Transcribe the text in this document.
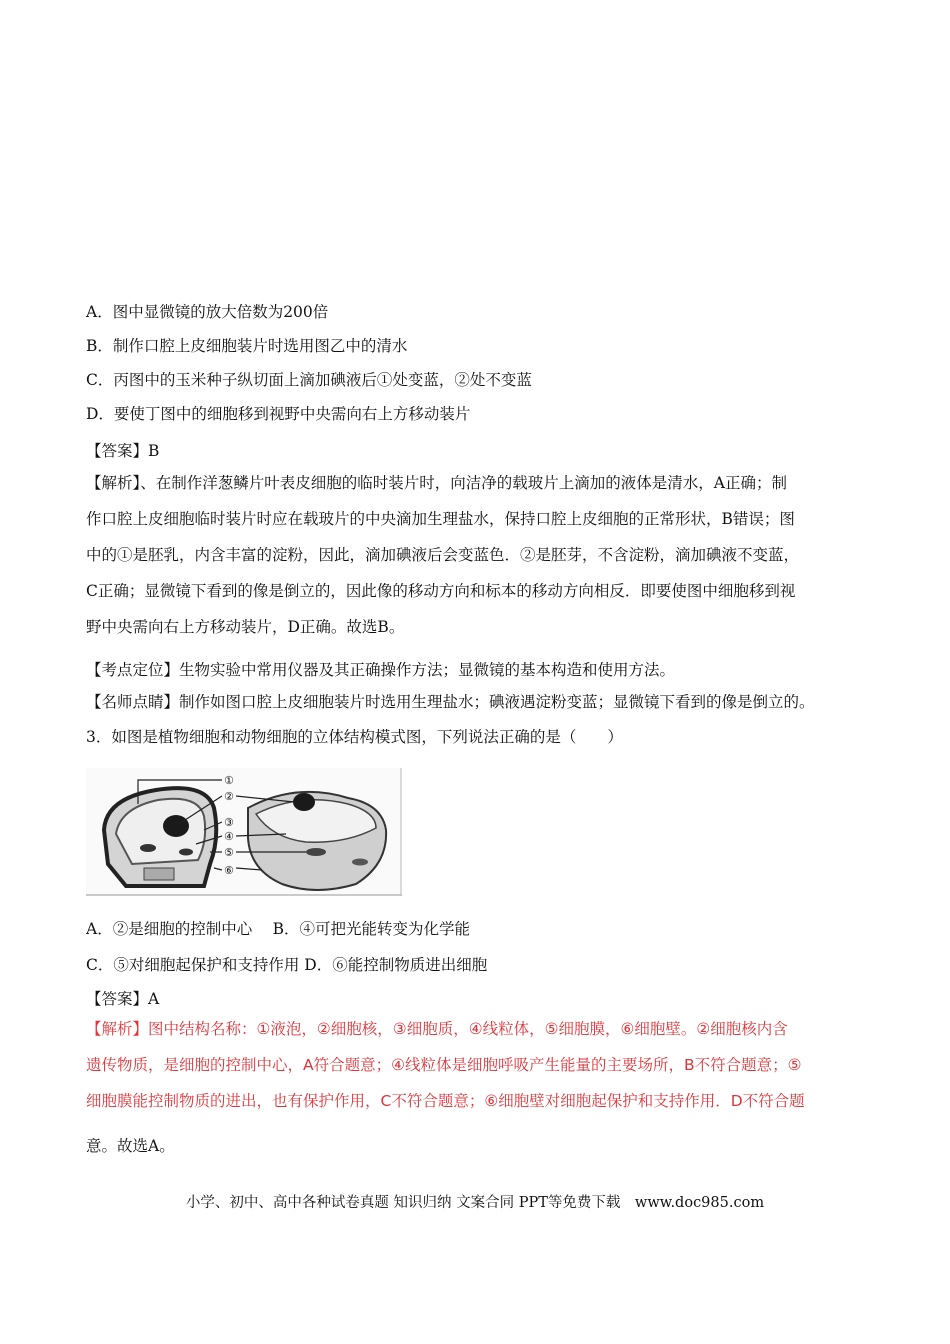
A．图中显微镜的放大倍数为200倍
B．制作口腔上皮细胞装片时选用图乙中的清水
C．丙图中的玉米种子纵切面上滴加碘液后①处变蓝，②处不变蓝
D．要使丁图中的细胞移到视野中央需向右上方移动装片
【答案】B
【解析】、在制作洋葱鳞片叶表皮细胞的临时装片时，向洁净的载玻片上滴加的液体是清水，A正确；制
作口腔上皮细胞临时装片时应在载玻片的中央滴加生理盐水，保持口腔上皮细胞的正常形状，B错误；图
中的①是胚乳，内含丰富的淀粉，因此，滴加碘液后会变蓝色．②是胚芽，不含淀粉，滴加碘液不变蓝，
C正确；显微镜下看到的像是倒立的，因此像的移动方向和标本的移动方向相反．即要使图中细胞移到视
野中央需向右上方移动装片，D正确。故选B。
【考点定位】生物实验中常用仪器及其正确操作方法；显微镜的基本构造和使用方法。
【名师点睛】制作如图口腔上皮细胞装片时选用生理盐水；碘液遇淀粉变蓝；显微镜下看到的像是倒立的。
3．如图是植物细胞和动物细胞的立体结构模式图，下列说法正确的是（　　）
①
②
③
④
⑤
⑥
A．②是细胞的控制中心　 B．④可把光能转变为化学能
C．⑤对细胞起保护和支持作用 D．⑥能控制物质进出细胞
【答案】A
【解析】图中结构名称：①液泡，②细胞核，③细胞质，④线粒体，⑤细胞膜，⑥细胞壁。②细胞核内含
遗传物质，是细胞的控制中心，A符合题意；④线粒体是细胞呼吸产生能量的主要场所，B不符合题意；⑤
细胞膜能控制物质的进出，也有保护作用，C不符合题意；⑥细胞壁对细胞起保护和支持作用．D不符合题
意。故选A。
小学、初中、高中各种试卷真题 知识归纳 文案合同 PPT等免费下载　www.doc985.com
